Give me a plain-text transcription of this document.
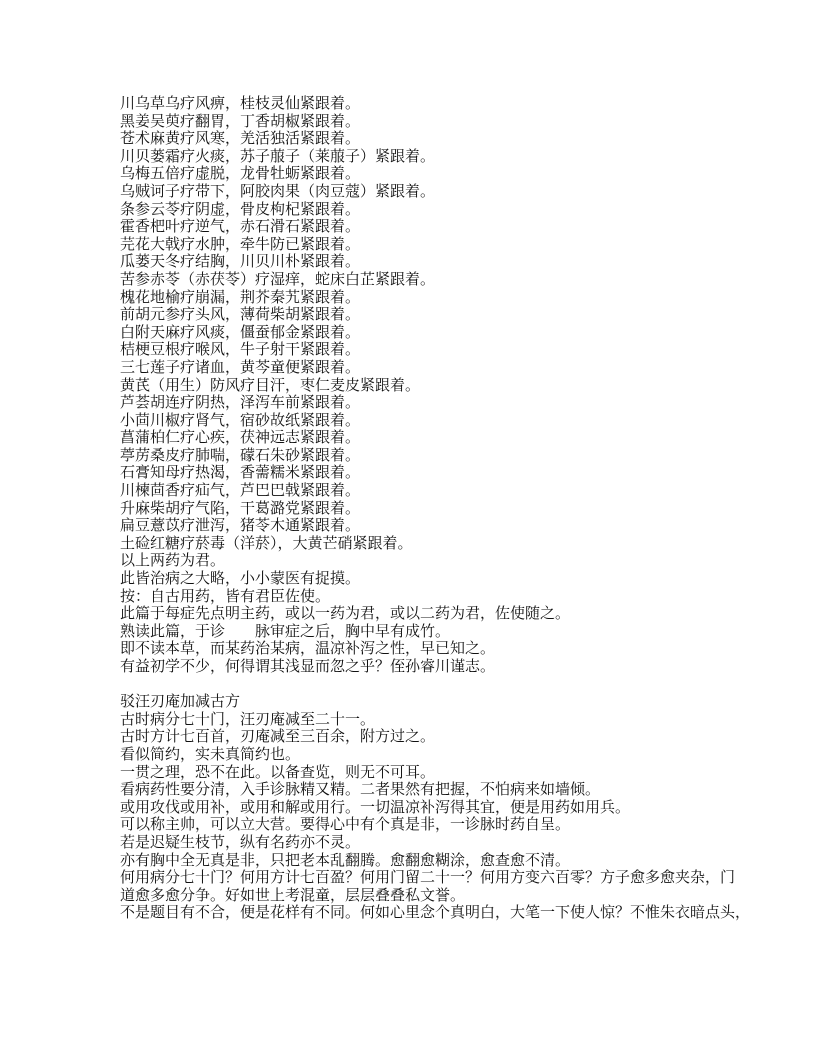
川乌草乌疗风痹，桂枝灵仙紧跟着。
黑姜吴萸疗翻胃，丁香胡椒紧跟着。
苍术麻黄疗风寒，羌活独活紧跟着。
川贝蒌霜疗火痰，苏子菔子（莱菔子）紧跟着。
乌梅五倍疗虚脱，龙骨牡蛎紧跟着。
乌贼诃子疗带下，阿胶肉果（肉豆蔻）紧跟着。
条参云苓疗阴虚，骨皮枸杞紧跟着。
霍香杷叶疗逆气，赤石滑石紧跟着。
芫花大戟疗水肿，牵牛防已紧跟着。
瓜蒌天冬疗结胸，川贝川朴紧跟着。
苦参赤苓（赤茯苓）疗湿痒，蛇床白芷紧跟着。
槐花地榆疗崩漏，荆芥秦艽紧跟着。
前胡元参疗头风，薄荷柴胡紧跟着。
白附天麻疗风痰，僵蚕郁金紧跟着。
桔梗豆根疗喉风，牛子射干紧跟着。
三七莲子疗诸血，黄芩童便紧跟着。
黄芪（用生）防风疗目汗，枣仁麦皮紧跟着。
芦荟胡连疗阴热，泽泻车前紧跟着。
小茴川椒疗肾气，宿砂故纸紧跟着。
菖蒲柏仁疗心疾，茯神远志紧跟着。
葶苈桑皮疗肺喘，礞石朱砂紧跟着。
石膏知母疗热渴，香薷糯米紧跟着。
川楝茴香疗疝气，芦巴巴戟紧跟着。
升麻柴胡疗气陷，干葛潞党紧跟着。
扁豆薏苡疗泄泻，猪苓木通紧跟着。
土硷红糖疗菸毒（洋菸），大黄芒硝紧跟着。
以上两药为君。
此皆治病之大略，小小蒙医有捉摸。
按：自古用药，皆有君臣佐使。
此篇于每症先点明主药，或以一药为君，或以二药为君，佐使随之。
熟读此篇，于诊　　脉审症之后，胸中早有成竹。
即不读本草，而某药治某病，温凉补泻之性，早已知之。
有益初学不少，何得谓其浅显而忽之乎？侄孙睿川谨志。
驳汪刃庵加减古方
古时病分七十门，汪刃庵减至二十一。
古时方计七百首，刃庵减至三百余，附方过之。
看似简约，实未真简约也。
一贯之理，恐不在此。以备查览，则无不可耳。
看病药性要分清，入手诊脉精又精。二者果然有把握，不怕病来如墙倾。
或用攻伐或用补，或用和解或用行。一切温凉补泻得其宜，便是用药如用兵。
可以称主帅，可以立大营。要得心中有个真是非，一诊脉时药自呈。
若是迟疑生枝节，纵有名药亦不灵。
亦有胸中全无真是非，只把老本乱翻腾。愈翻愈糊涂，愈查愈不清。
何用病分七十门？何用方计七百盈？何用门留二十一？何用方变六百零？方子愈多愈夹杂，门
道愈多愈分争。好如世上考混童，层层叠叠私文誉。
不是题目有不合，便是花样有不同。何如心里念个真明白，大笔一下使人惊？不惟朱衣暗点头，
